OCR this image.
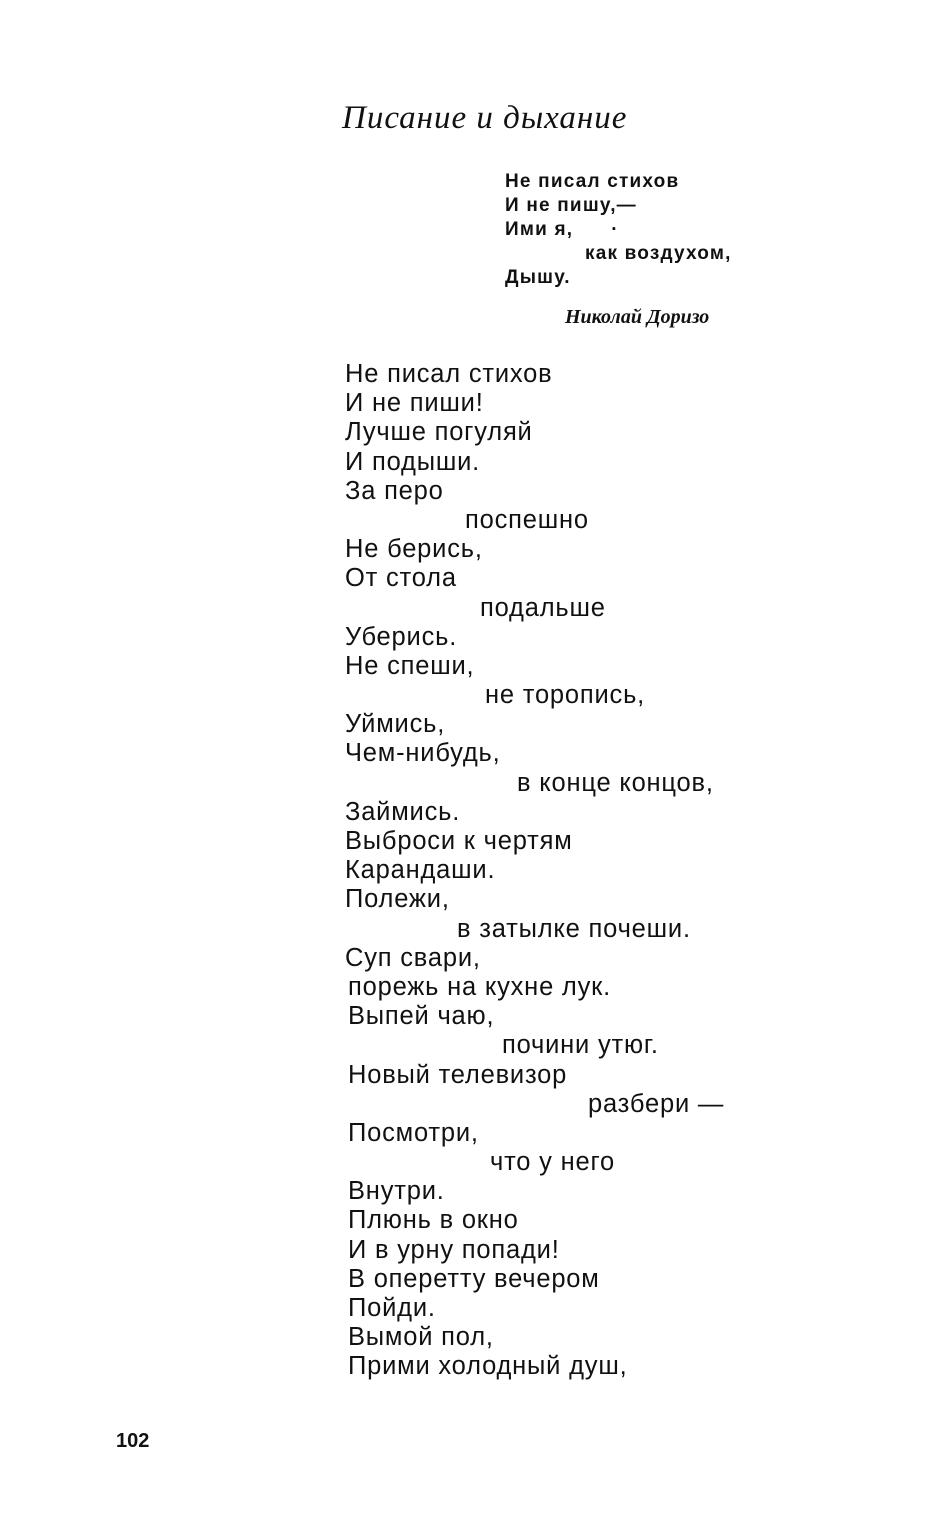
Писание и дыхание
Не писал стихов
И не пишу,—
Ими я, ·
как воздухом,
Дышу.
Николай Доризо
Не писал стихов
И не пиши!
Лучше погуляй
И подыши.
За перо
поспешно
Не берись,
От стола
подальше
Уберись.
Не спеши,
не торопись,
Уймись,
Чем-нибудь,
в конце концов,
Займись.
Выброси к чертям
Карандаши.
Полежи,
в затылке почеши.
Суп свари,
порежь на кухне лук.
Выпей чаю,
почини утюг.
Новый телевизор
разбери —
Посмотри,
что у него
Внутри.
Плюнь в окно
И в урну попади!
В оперетту вечером
Пойди.
Вымой пол,
Прими холодный душ,
102
